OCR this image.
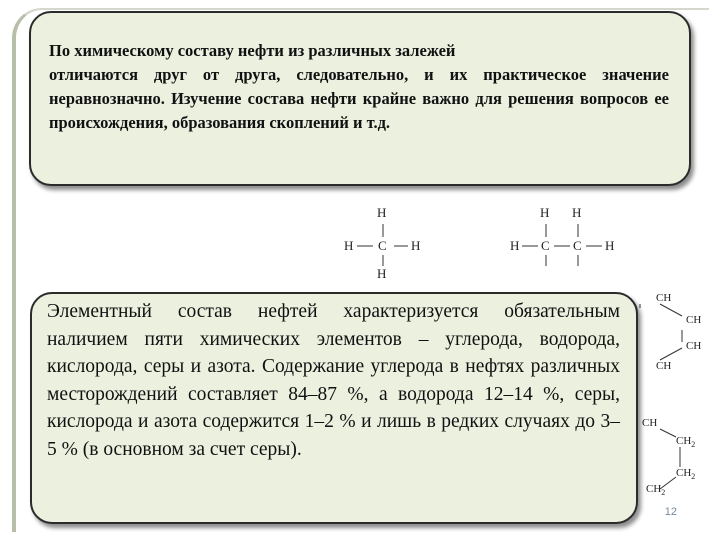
H
H C H
H
H H
H C C H
CH
CH
CH
CH
CH
$CH_2$
$CH_2$
$CH_2$

По химическому составу нефти из различных залежей
отличаются друг от друга, следовательно, и их практическое значение неравнозначно. Изучение состава нефти крайне важно для решения вопросов ее происхождения, образования скоплений и т.д.

Элементный состав нефтей характеризуется обязательным наличием пяти химических элементов – углерода, водорода, кислорода, серы и азота. Содержание углерода в нефтях различных месторождений составляет 84–87 %, а водорода 12–14 %, серы, кислорода и азота содержится 1–2 % и лишь в редких случаях до 3–5 % (в основном за счет серы).

12
